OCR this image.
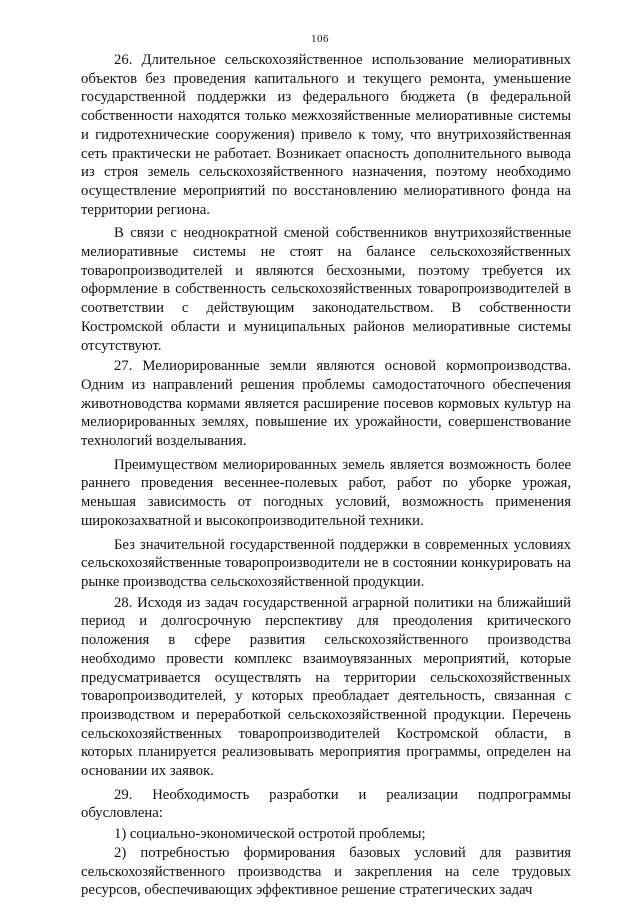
106

26. Длительное сельскохозяйственное использование мелиоративных объектов без проведения капитального и текущего ремонта, уменьшение государственной поддержки из федерального бюджета (в федеральной собственности находятся только межхозяйственные мелиоративные системы и гидротехнические сооружения) привело к тому, что внутрихозяйственная сеть практически не работает. Возникает опасность дополнительного вывода из строя земель сельскохозяйственного назначения, поэтому необходимо осуществление мероприятий по восстановлению мелиоративного фонда на территории региона.

В связи с неоднократной сменой собственников внутрихозяйственные мелиоративные системы не стоят на балансе сельскохозяйственных товаропроизводителей и являются бесхозными, поэтому требуется их оформление в собственность сельскохозяйственных товаропроизводителей в соответствии с действующим законодательством. В собственности Костромской области и муниципальных районов мелиоративные системы отсутствуют.

27. Мелиорированные земли являются основой кормопроизводства. Одним из направлений решения проблемы самодостаточного обеспечения животноводства кормами является расширение посевов кормовых культур на мелиорированных землях, повышение их урожайности, совершенствование технологий возделывания.

Преимуществом мелиорированных земель является возможность более раннего проведения весеннее-полевых работ, работ по уборке урожая, меньшая зависимость от погодных условий, возможность применения широкозахватной и высокопроизводительной техники.

Без значительной государственной поддержки в современных условиях сельскохозяйственные товаропроизводители не в состоянии конкурировать на рынке производства сельскохозяйственной продукции.

28. Исходя из задач государственной аграрной политики на ближайший период и долгосрочную перспективу для преодоления критического положения в сфере развития сельскохозяйственного производства необходимо провести комплекс взаимоувязанных мероприятий, которые предусматривается осуществлять на территории сельскохозяйственных товаропроизводителей, у которых преобладает деятельность, связанная с производством и переработкой сельскохозяйственной продукции. Перечень сельскохозяйственных товаропроизводителей Костромской области, в которых планируется реализовывать мероприятия программы, определен на основании их заявок.

29. Необходимость разработки и реализации подпрограммы обусловлена:

1) социально-экономической остротой проблемы;

2) потребностью формирования базовых условий для развития сельскохозяйственного производства и закрепления на селе трудовых ресурсов, обеспечивающих эффективное решение стратегических задач
